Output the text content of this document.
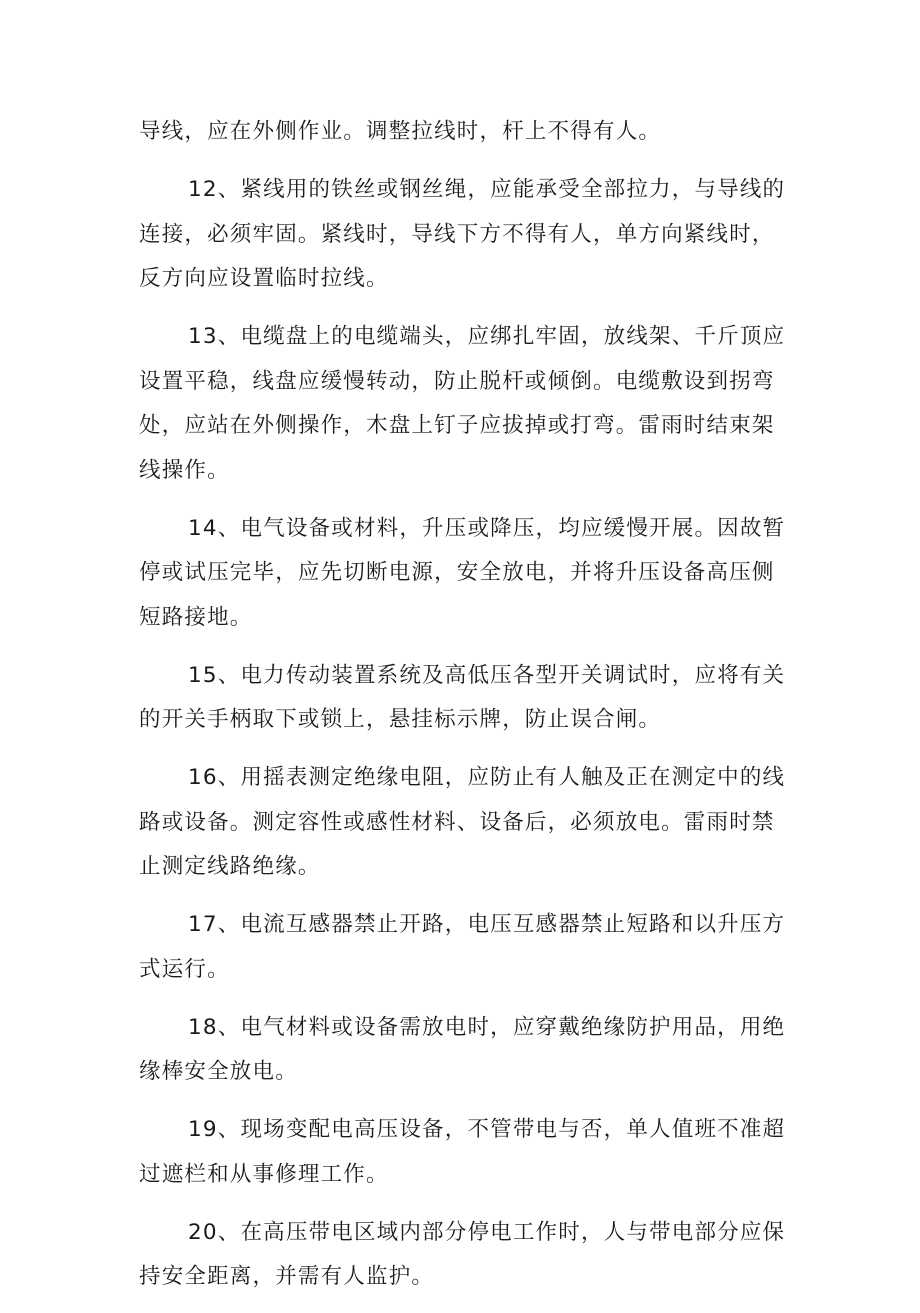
导线，应在外侧作业。调整拉线时，杆上不得有人。

12、紧线用的铁丝或钢丝绳，应能承受全部拉力，与导线的
连接，必须牢固。紧线时，导线下方不得有人，单方向紧线时，
反方向应设置临时拉线。

13、电缆盘上的电缆端头，应绑扎牢固，放线架、千斤顶应
设置平稳，线盘应缓慢转动，防止脱杆或倾倒。电缆敷设到拐弯
处，应站在外侧操作，木盘上钉子应拔掉或打弯。雷雨时结束架
线操作。

14、电气设备或材料，升压或降压，均应缓慢开展。因故暂
停或试压完毕，应先切断电源，安全放电，并将升压设备高压侧
短路接地。

15、电力传动装置系统及高低压各型开关调试时，应将有关
的开关手柄取下或锁上，悬挂标示牌，防止误合闸。

16、用摇表测定绝缘电阻，应防止有人触及正在测定中的线
路或设备。测定容性或感性材料、设备后，必须放电。雷雨时禁
止测定线路绝缘。

17、电流互感器禁止开路，电压互感器禁止短路和以升压方
式运行。

18、电气材料或设备需放电时，应穿戴绝缘防护用品，用绝
缘棒安全放电。

19、现场变配电高压设备，不管带电与否，单人值班不准超
过遮栏和从事修理工作。

20、在高压带电区域内部分停电工作时，人与带电部分应保
持安全距离，并需有人监护。
